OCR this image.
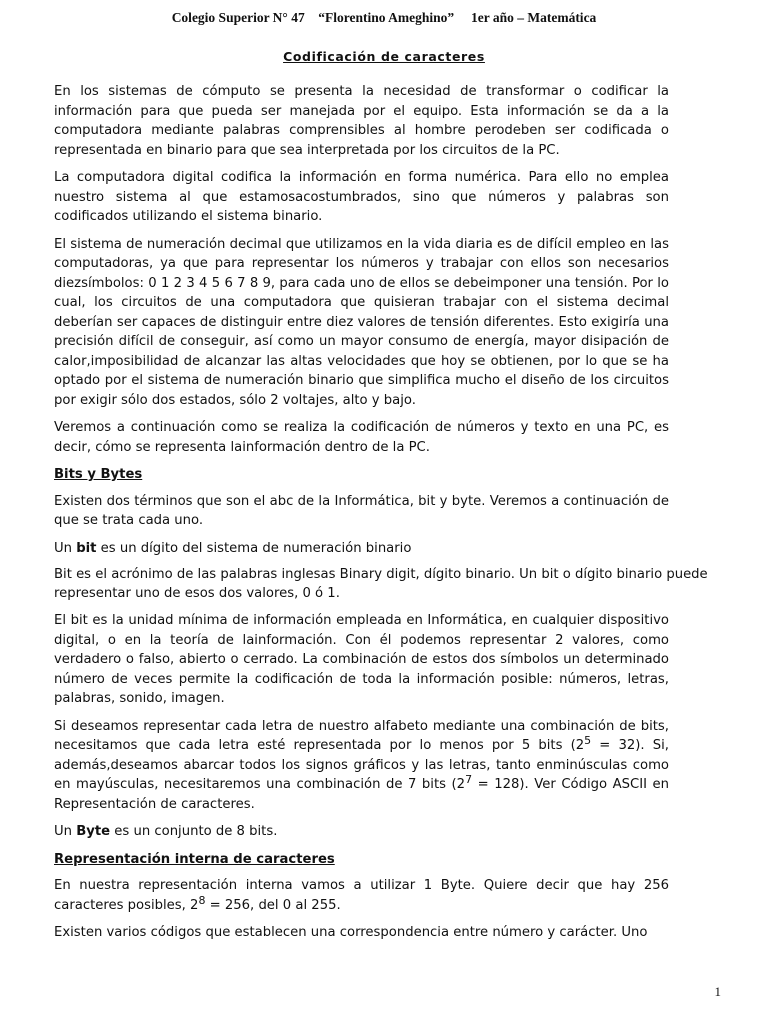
Colegio Superior N° 47    “Florentino Ameghino”     1er año – Matemática
Codificación de caracteres

En los sistemas de cómputo se presenta la necesidad de transformar o codificar la información para que pueda ser manejada por el equipo. Esta información se da a la computadora mediante palabras comprensibles al hombre perodeben ser codificada o representada en binario para que sea interpretada por los circuitos de la PC.

La computadora digital codifica la información en forma numérica. Para ello no emplea nuestro sistema al que estamosacostumbrados, sino que números y palabras son codificados utilizando el sistema binario.

El sistema de numeración decimal que utilizamos en la vida diaria es de difícil empleo en las computadoras, ya que para representar los números y trabajar con ellos son necesarios diezsímbolos: 0 1 2 3 4 5 6 7 8 9, para cada uno de ellos se debeimponer una tensión. Por lo cual, los circuitos de una computadora que quisieran trabajar con el sistema decimal deberían ser capaces de distinguir entre diez valores de tensión diferentes. Esto exigiría una precisión difícil de conseguir, así como un mayor consumo de energía, mayor disipación de calor,imposibilidad de alcanzar las altas velocidades que hoy se obtienen, por lo que se ha optado por el sistema de numeración binario que simplifica mucho el diseño de los circuitos por exigir sólo dos estados, sólo 2 voltajes, alto y bajo.

Veremos a continuación como se realiza la codificación de números y texto en una PC, es decir, cómo se representa lainformación dentro de la PC.

Bits y Bytes

Existen dos términos que son el abc de la Informática, bit y byte. Veremos a continuación de que se trata cada uno.

Un bit es un dígito del sistema de numeración binario

Bit es el acrónimo de las palabras inglesas Binary digit, dígito binario. Un bit o dígito binario puede representar uno de esos dos valores, 0 ó 1.

El bit es la unidad mínima de información empleada en Informática, en cualquier dispositivo digital, o en la teoría de lainformación. Con él podemos representar 2 valores, como verdadero o falso, abierto o cerrado. La combinación de estos dos símbolos un determinado número de veces permite la codificación de toda la información posible: números, letras, palabras, sonido, imagen.

Si deseamos representar cada letra de nuestro alfabeto mediante una combinación de bits, necesitamos que cada letra esté representada por lo menos por 5 bits $(2^5 = 32)$. Si, además,deseamos abarcar todos los signos gráficos y las letras, tanto enminúsculas como en mayúsculas, necesitaremos una combinación de 7 bits $(2^7 = 128)$. Ver Código ASCII en Representación de caracteres.

Un Byte es un conjunto de 8 bits.

Representación interna de caracteres

En nuestra representación interna vamos a utilizar 1 Byte. Quiere decir que hay 256 caracteres posibles, $2^8 = 256$, del 0 al 255.

Existen varios códigos que establecen una correspondencia entre número y carácter. Uno

1
